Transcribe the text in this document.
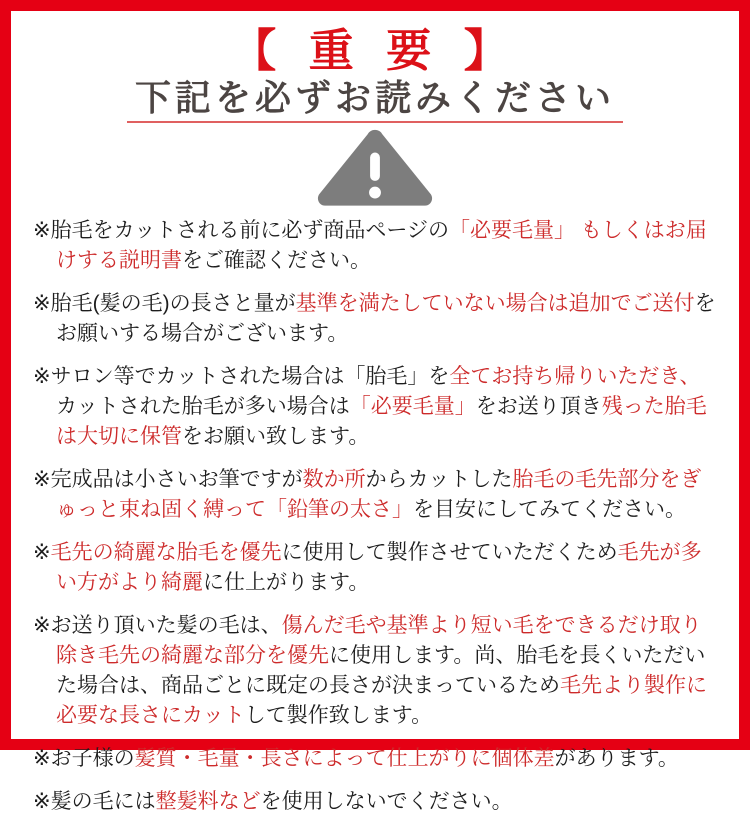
【 重 要 】
下記を必ずお読みください
※胎毛をカットされる前に必ず商品ページの「必要毛量」 もしくはお届けする説明書をご確認ください。
※胎毛(髪の毛)の長さと量が基準を満たしていない場合は追加でご送付をお願いする場合がございます。
※サロン等でカットされた場合は「胎毛」を全てお持ち帰りいただき、カットされた胎毛が多い場合は「必要毛量」をお送り頂き残った胎毛は大切に保管をお願い致します。
※完成品は小さいお筆ですが数か所からカットした胎毛の毛先部分をぎゅっと束ね固く縛って「鉛筆の太さ」を目安にしてみてください。
※毛先の綺麗な胎毛を優先に使用して製作させていただくため毛先が多い方がより綺麗に仕上がります。
※お送り頂いた髪の毛は、傷んだ毛や基準より短い毛をできるだけ取り除き毛先の綺麗な部分を優先に使用します。尚、胎毛を長くいただいた場合は、商品ごとに既定の長さが決まっているため毛先より製作に必要な長さにカットして製作致します。
※お子様の髪質・毛量・長さによって仕上がりに個体差があります。
※髪の毛には整髪料などを使用しないでください。
